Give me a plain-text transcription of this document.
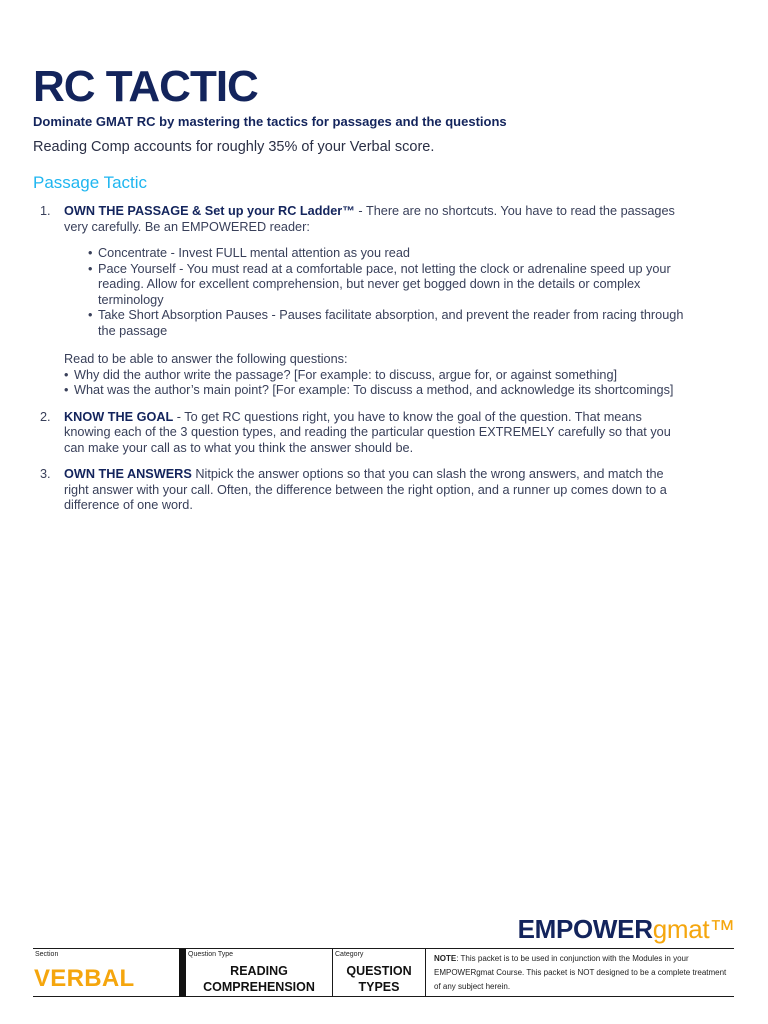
RC TACTIC
Dominate GMAT RC by mastering the tactics for passages and the questions
Reading Comp accounts for roughly 35% of your Verbal score.
Passage Tactic
1.	OWN THE PASSAGE & Set up your RC Ladder™ - There are no shortcuts. You have to read the passages very carefully. Be an EMPOWERED reader:
• Concentrate - Invest FULL mental attention as you read
• Pace Yourself - You must read at a comfortable pace, not letting the clock or adrenaline speed up your reading. Allow for excellent comprehension, but never get bogged down in the details or complex terminology
• Take Short Absorption Pauses - Pauses facilitate absorption, and prevent the reader from racing through the passage
Read to be able to answer the following questions:
• Why did the author write the passage? [For example: to discuss, argue for, or against something]
• What was the author’s main point? [For example: To discuss a method, and acknowledge its shortcomings]
2.	KNOW THE GOAL - To get RC questions right, you have to know the goal of the question. That means knowing each of the 3 question types, and reading the particular question EXTREMELY carefully so that you can make your call as to what you think the answer should be.
3.	OWN THE ANSWERS Nitpick the answer options so that you can slash the wrong answers, and match the right answer with your call. Often, the difference between the right option, and a runner up comes down to a difference of one word.
EMPOWERgmat™
Section
VERBAL
Question Type
READING
COMPREHENSION
Category
QUESTION
TYPES
NOTE: This packet is to be used in conjunction with the Modules in your EMPOWERgmat Course. This packet is NOT designed to be a complete treatment of any subject herein.
